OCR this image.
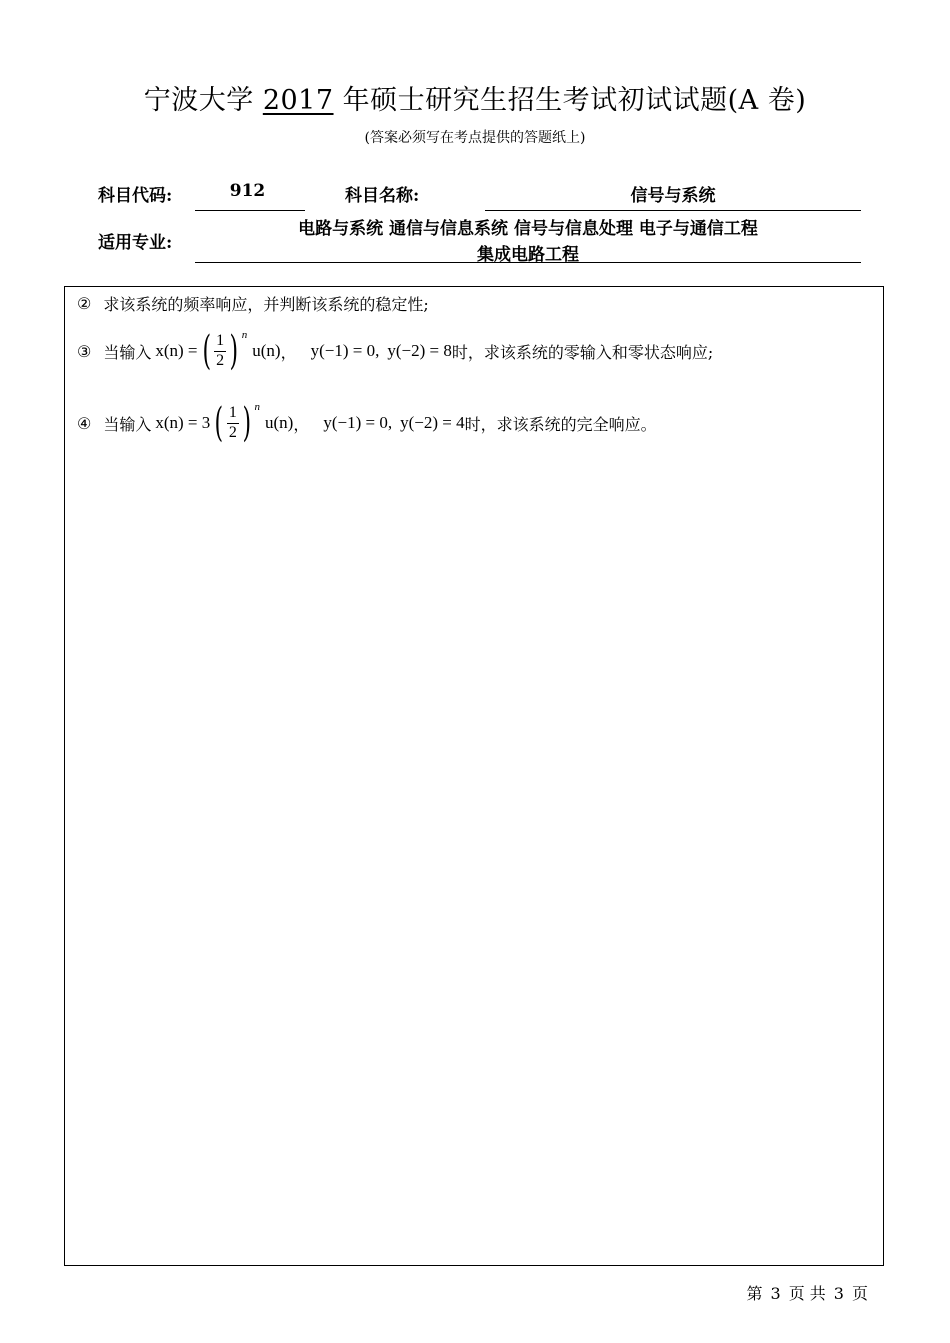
宁波大学 2017 年硕士研究生招生考试初试试题(A 卷)
(答案必须写在考点提供的答题纸上)
科目代码:	912	科目名称:	信号与系统
适用专业:
电路与系统 通信与信息系统 信号与信息处理 电子与通信工程
集成电路工程
② 求该系统的频率响应，并判断该系统的稳定性;
③ 当输入 x(n) = ( $\frac{1}{2}$ ) n
u(n) ， y(−1) = 0, y(−2) = 8 时，求该系统的零输入和零状态响应;
④ 当输入 x(n) = 3 ( $\frac{1}{2}$ ) n
u(n) ， y(−1) = 0, y(−2) = 4 时，求该系统的完全响应。
第 3 页 共 3 页
